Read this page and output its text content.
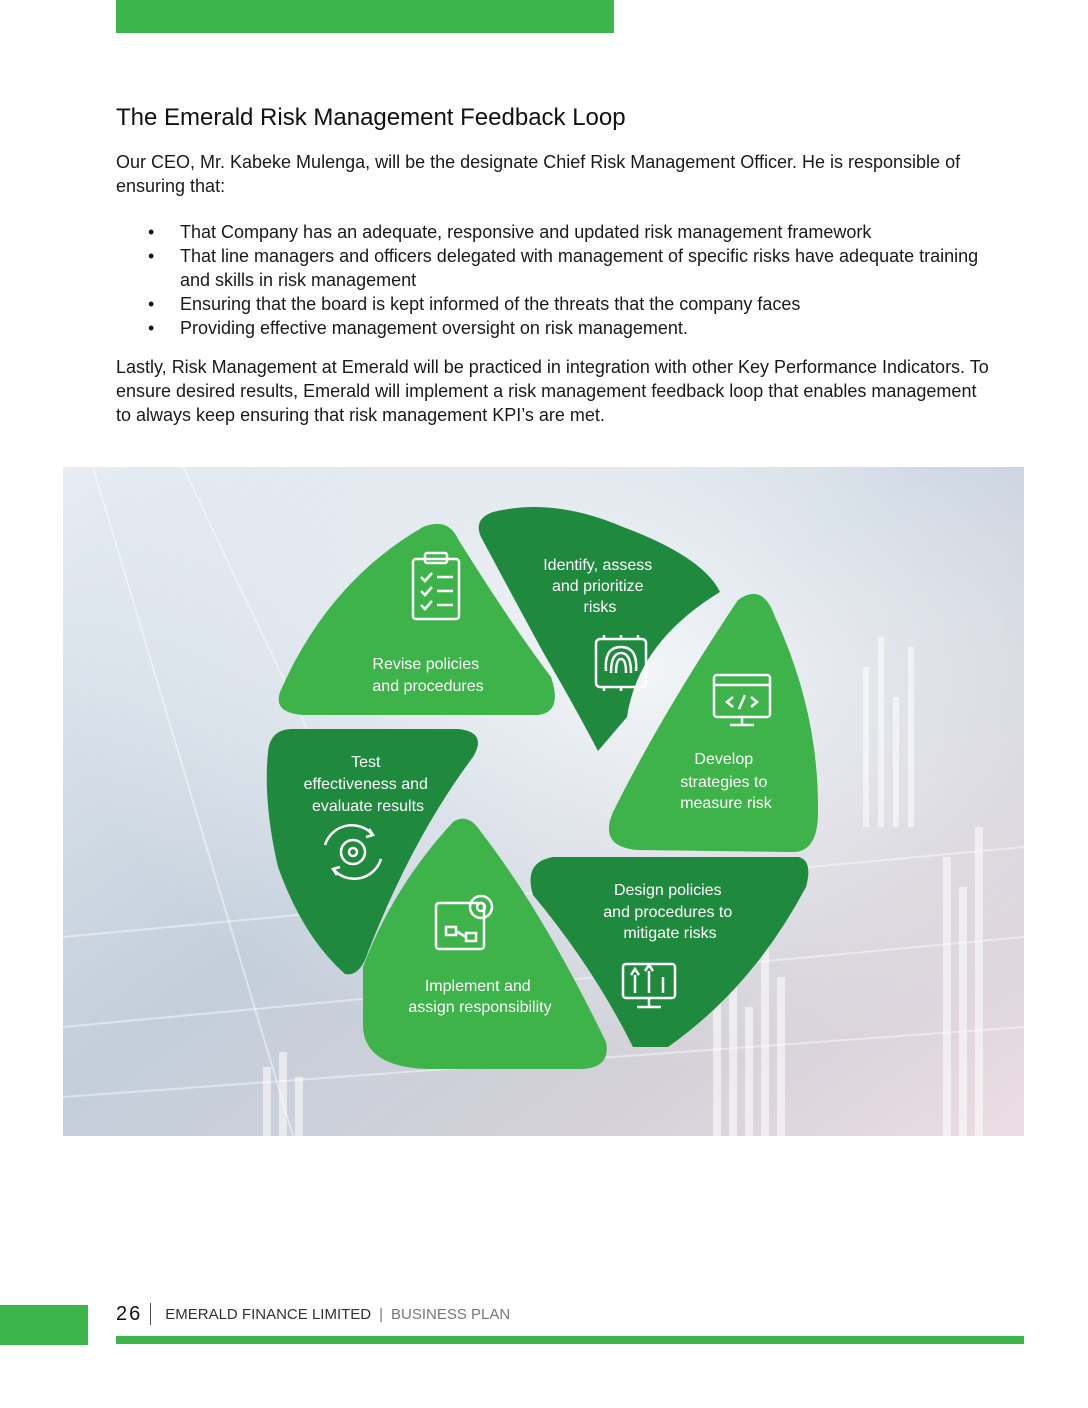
The Emerald Risk Management Feedback Loop

Our CEO, Mr. Kabeke Mulenga, will be the designate Chief Risk Management Officer. He is responsible of ensuring that:

• That Company has an adequate, responsive and updated risk management framework
• That line managers and officers delegated with management of specific risks have adequate training and skills in risk management
• Ensuring that the board is kept informed of the threats that the company faces
• Providing effective management oversight on risk management.

Lastly, Risk Management at Emerald will be practiced in integration with other Key Performance Indicators. To ensure desired results, Emerald will implement a risk management feedback loop that enables management to always keep ensuring that risk management KPI’s are met.

Identify, assess and prioritize risks
Develop strategies to measure risk
Design policies and procedures to mitigate risks
Implement and assign responsibility
Test effectiveness and evaluate results
Revise policies and procedures
26 EMERALD FINANCE LIMITED | BUSINESS PLAN
